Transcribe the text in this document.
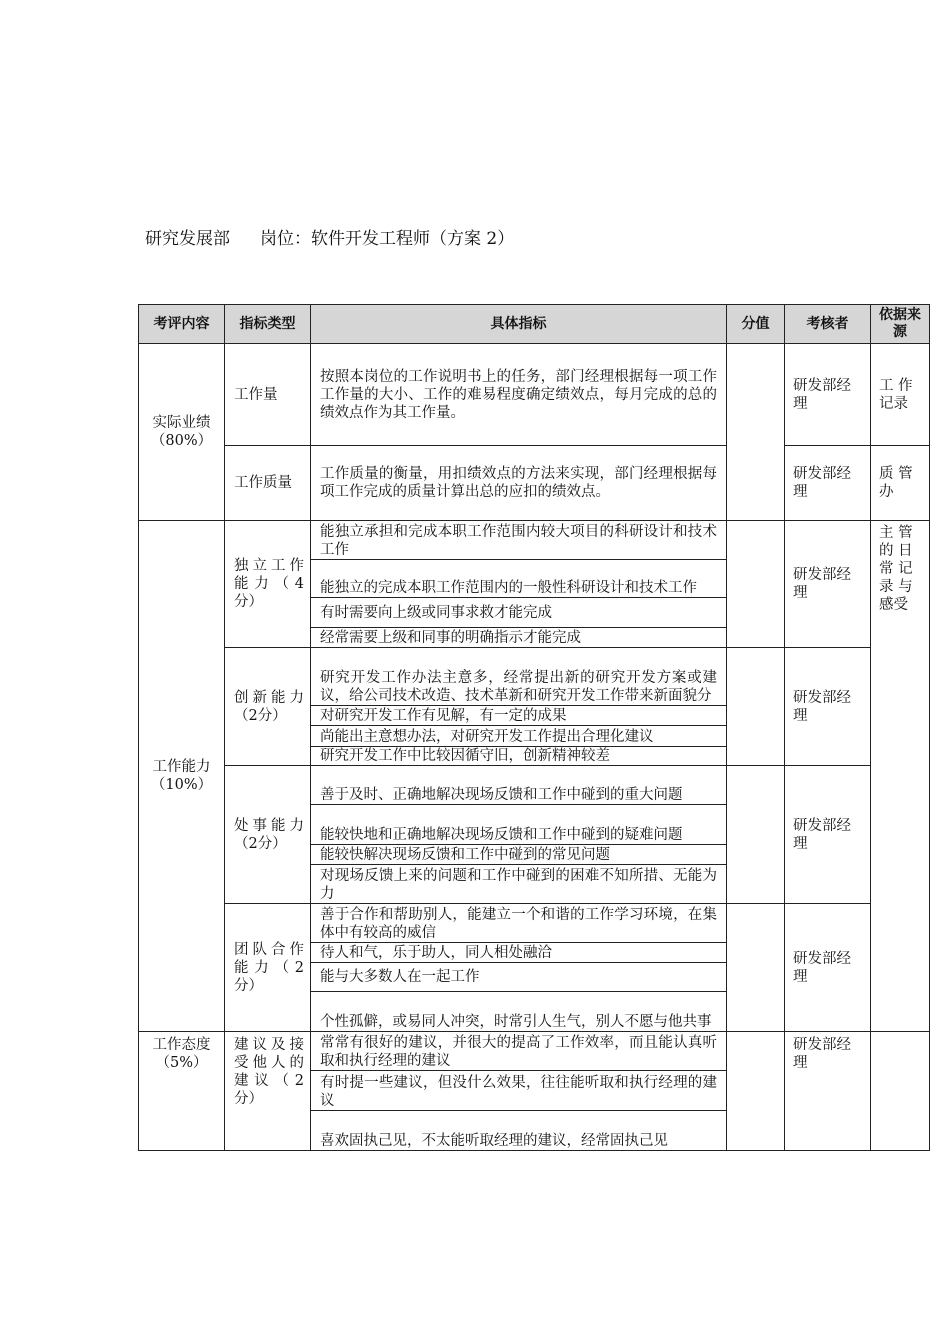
研究发展部 岗位：软件开发工程师（方案 2）
考评内容	指标类型	具体指标	分值	考核者	依据来源
实际业绩（80%）	工作量	按照本岗位的工作说明书上的任务，部门经理根据每一项工作工作量的大小、工作的难易程度确定绩效点，每月完成的总的绩效点作为其工作量。		研发部经理	工 作 记录
	工作质量	工作质量的衡量，用扣绩效点的方法来实现，部门经理根据每项工作完成的质量计算出总的应扣的绩效点。		研发部经理	质 管 办
工作能力（10%）	独立工作能力（4分）	能独立承担和完成本职工作范围内较大项目的科研设计和技术工作		研发部经理	主 管 的 日 常 记 录 与 感受
		能独立的完成本职工作范围内的一般性科研设计和技术工作			
		有时需要向上级或同事求救才能完成			
		经常需要上级和同事的明确指示才能完成			
	创新能力（2分）	研究开发工作办法主意多，经常提出新的研究开发方案或建议，给公司技术改造、技术革新和研究开发工作带来新面貌分		研发部经理	
		对研究开发工作有见解，有一定的成果			
		尚能出主意想办法，对研究开发工作提出合理化建议			
		研究开发工作中比较因循守旧，创新精神较差			
	处事能力（2分）	善于及时、正确地解决现场反馈和工作中碰到的重大问题		研发部经理	
		能较快地和正确地解决现场反馈和工作中碰到的疑难问题			
		能较快解决现场反馈和工作中碰到的常见问题			
		对现场反馈上来的问题和工作中碰到的困难不知所措、无能为力			
	团队合作能力（2分）	善于合作和帮助别人，能建立一个和谐的工作学习环境，在集体中有较高的威信		研发部经理	
		待人和气，乐于助人，同人相处融洽			
		能与大多数人在一起工作			
		个性孤僻，或易同人冲突，时常引人生气，别人不愿与他共事			
工作态度（5%）	建议及接受他人的建议（2分）	常常有很好的建议，并很大的提高了工作效率，而且能认真听取和执行经理的建议		研发部经理	
		有时提一些建议，但没什么效果，往往能听取和执行经理的建议			
		喜欢固执己见，不太能听取经理的建议，经常固执己见			
